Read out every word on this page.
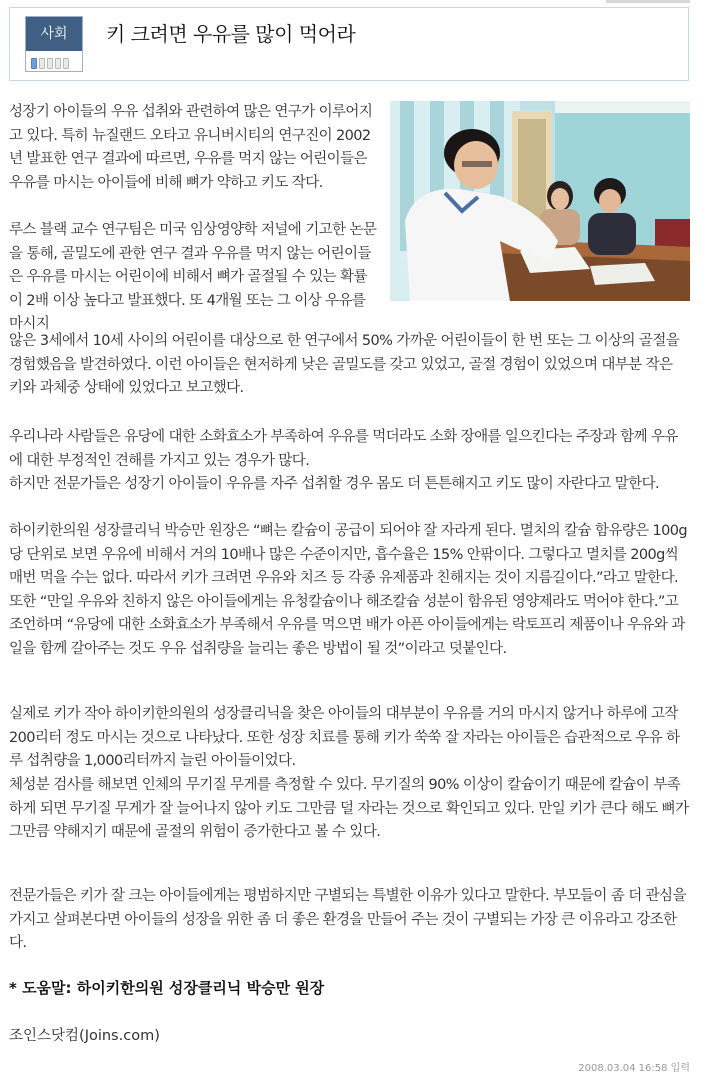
사회	키 크려면 우유를 많이 먹어라
성장기 아이들의 우유 섭취와 관련하여 많은 연구가 이루어지고 있다. 특히 뉴질랜드 오타고 유니버시티의 연구진이 2002년 발표한 연구 결과에 따르면, 우유를 먹지 않는 어린이들은 우유를 마시는 아이들에 비해 뼈가 약하고 키도 작다.
루스 블랙 교수 연구팀은 미국 임상영양학 저널에 기고한 논문을 통해, 골밀도에 관한 연구 결과 우유를 먹지 않는 어린이들은 우유를 마시는 어린이에 비해서 뼈가 골절될 수 있는 확률이 2배 이상 높다고 발표했다. 또 4개월 또는 그 이상 우유를 마시지
않은 3세에서 10세 사이의 어린이를 대상으로 한 연구에서 50% 가까운 어린이들이 한 번 또는 그 이상의 골절을 경험했음을 발견하였다. 이런 아이들은 현저하게 낮은 골밀도를 갖고 있었고, 골절 경험이 있었으며 대부분 작은 키와 과체중 상태에 있었다고 보고했다.
우리나라 사람들은 유당에 대한 소화효소가 부족하여 우유를 먹더라도 소화 장애를 일으킨다는 주장과 함께 우유에 대한 부정적인 견해를 가지고 있는 경우가 많다.
하지만 전문가들은 성장기 아이들이 우유를 자주 섭취할 경우 몸도 더 튼튼해지고 키도 많이 자란다고 말한다.
하이키한의원 성장클리닉 박승만 원장은 “뼈는 칼슘이 공급이 되어야 잘 자라게 된다. 멸치의 칼슘 함유량은 100g당 단위로 보면 우유에 비해서 거의 10배나 많은 수준이지만, 흡수율은 15% 안팎이다. 그렇다고 멸치를 200g씩 매번 먹을 수는 없다. 따라서 키가 크려면 우유와 치즈 등 각종 유제품과 친해지는 것이 지름길이다.”라고 말한다. 또한 “만일 우유와 친하지 않은 아이들에게는 유청칼슘이나 해조칼슘 성분이 함유된 영양제라도 먹어야 한다.”고 조언하며 “유당에 대한 소화효소가 부족해서 우유를 먹으면 배가 아픈 아이들에게는 락토프리 제품이나 우유와 과일을 함께 갈아주는 것도 우유 섭취량을 늘리는 좋은 방법이 될 것”이라고 덧붙인다.
실제로 키가 작아 하이키한의원의 성장클리닉을 찾은 아이들의 대부분이 우유를 거의 마시지 않거나 하루에 고작 200리터 정도 마시는 것으로 나타났다. 또한 성장 치료를 통해 키가 쑥쑥 잘 자라는 아이들은 습관적으로 우유 하루 섭취량을 1,000리터까지 늘린 아이들이었다.
체성분 검사를 해보면 인체의 무기질 무게를 측정할 수 있다. 무기질의 90% 이상이 칼슘이기 때문에 칼슘이 부족하게 되면 무기질 무게가 잘 늘어나지 않아 키도 그만큼 덜 자라는 것으로 확인되고 있다. 만일 키가 큰다 해도 뼈가 그만큼 약해지기 때문에 골절의 위험이 증가한다고 볼 수 있다.
전문가들은 키가 잘 크는 아이들에게는 평범하지만 구별되는 특별한 이유가 있다고 말한다. 부모들이 좀 더 관심을 가지고 살펴본다면 아이들의 성장을 위한 좀 더 좋은 환경을 만들어 주는 것이 구별되는 가장 큰 이유라고 강조한다.
* 도움말: 하이키한의원 성장클리닉 박승만 원장
조인스닷컴(Joins.com)
2008.03.04 16:58 입력
